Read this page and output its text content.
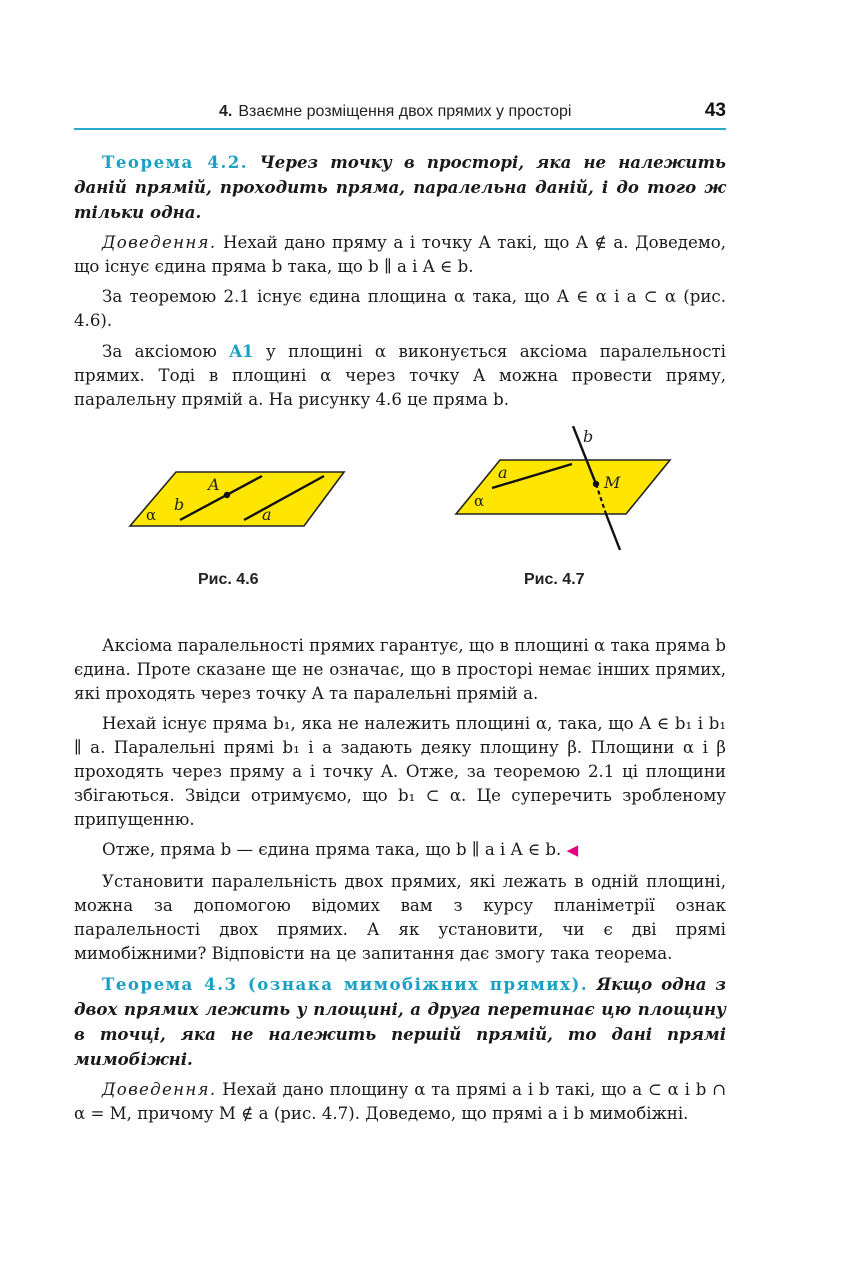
4. Взаємне розміщення двох прямих у просторі	43

Теорема 4.2. Через точку в просторі, яка не належить даній прямій, проходить пряма, паралельна даній, і до того ж тільки одна.

Доведення. Нехай дано пряму a і точку A такі, що A ∉ a. Доведемо, що існує єдина пряма b така, що b ∥ a і A ∈ b.

За теоремою 2.1 існує єдина площина α така, що A ∈ α і a ⊂ α (рис. 4.6).

За аксіомою A1 у площині α виконується аксіома паралельності прямих. Тоді в площині α через точку A можна провести пряму, паралельну прямій a. На рисунку 4.6 це пряма b.

α
A
b
a
Рис. 4.6
α
a
b
M
Рис. 4.7

Аксіома паралельності прямих гарантує, що в площині α така пряма b єдина. Проте сказане ще не означає, що в просторі немає інших прямих, які проходять через точку A та паралельні прямій a.

Нехай існує пряма b₁, яка не належить площині α, така, що A ∈ b₁ і b₁ ∥ a. Паралельні прямі b₁ і a задають деяку площину β. Площини α і β проходять через пряму a і точку A. Отже, за теоремою 2.1 ці площини збігаються. Звідси отримуємо, що b₁ ⊂ α. Це суперечить зробленому припущенню.

Отже, пряма b — єдина пряма така, що b ∥ a і A ∈ b. ◀

Установити паралельність двох прямих, які лежать в одній площині, можна за допомогою відомих вам з курсу планіметрії ознак паралельності двох прямих. А як установити, чи є дві прямі мимобіжними? Відповісти на це запитання дає змогу така теорема.

Теорема 4.3 (ознака мимобіжних прямих). Якщо одна з двох прямих лежить у площині, а друга перетинає цю площину в точці, яка не належить першій прямій, то дані прямі мимобіжні.

Доведення. Нехай дано площину α та прямі a і b такі, що a ⊂ α і b ∩ α = M, причому M ∉ a (рис. 4.7). Доведемо, що прямі a і b мимобіжні.
